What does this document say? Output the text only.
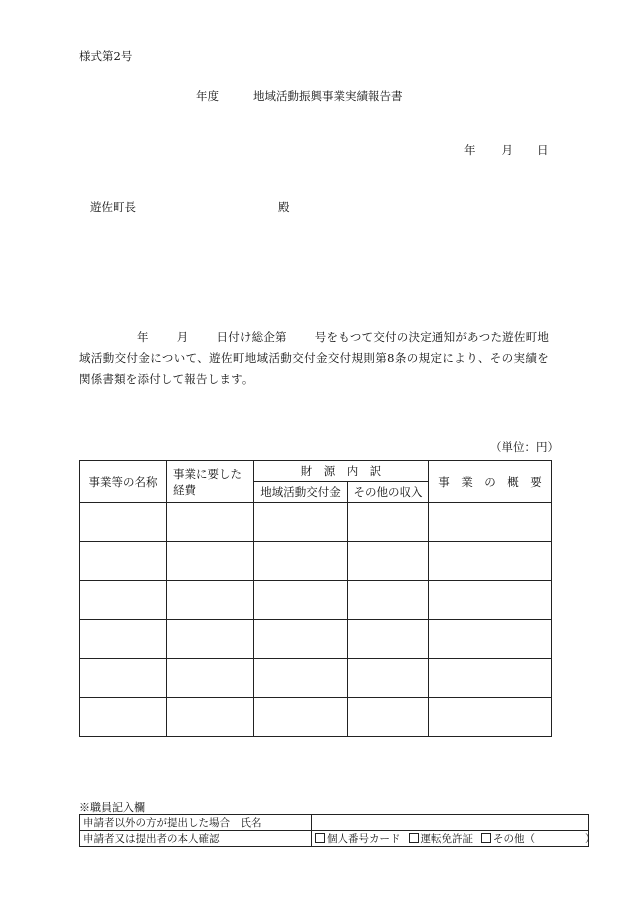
様式第2号
年度	地域活動振興事業実績報告書
年 月 日
遊佐町長	殿
年 月 日付け総企第 号をもつて交付の決定通知があつた遊佐町地域活動交付金について、遊佐町地域活動交付金交付規則第8条の規定により、その実績を関係書類を添付して報告します。
（単位：円）
事業等の名称	事業に要した経費	財　源　内　訳		事　業　の　概　要
		地域活動交付金	その他の収入	

※職員記入欄
申請者以外の方が提出した場合　氏名	
申請者又は提出者の本人確認	個人番号カード 運転免許証 その他（ ）
